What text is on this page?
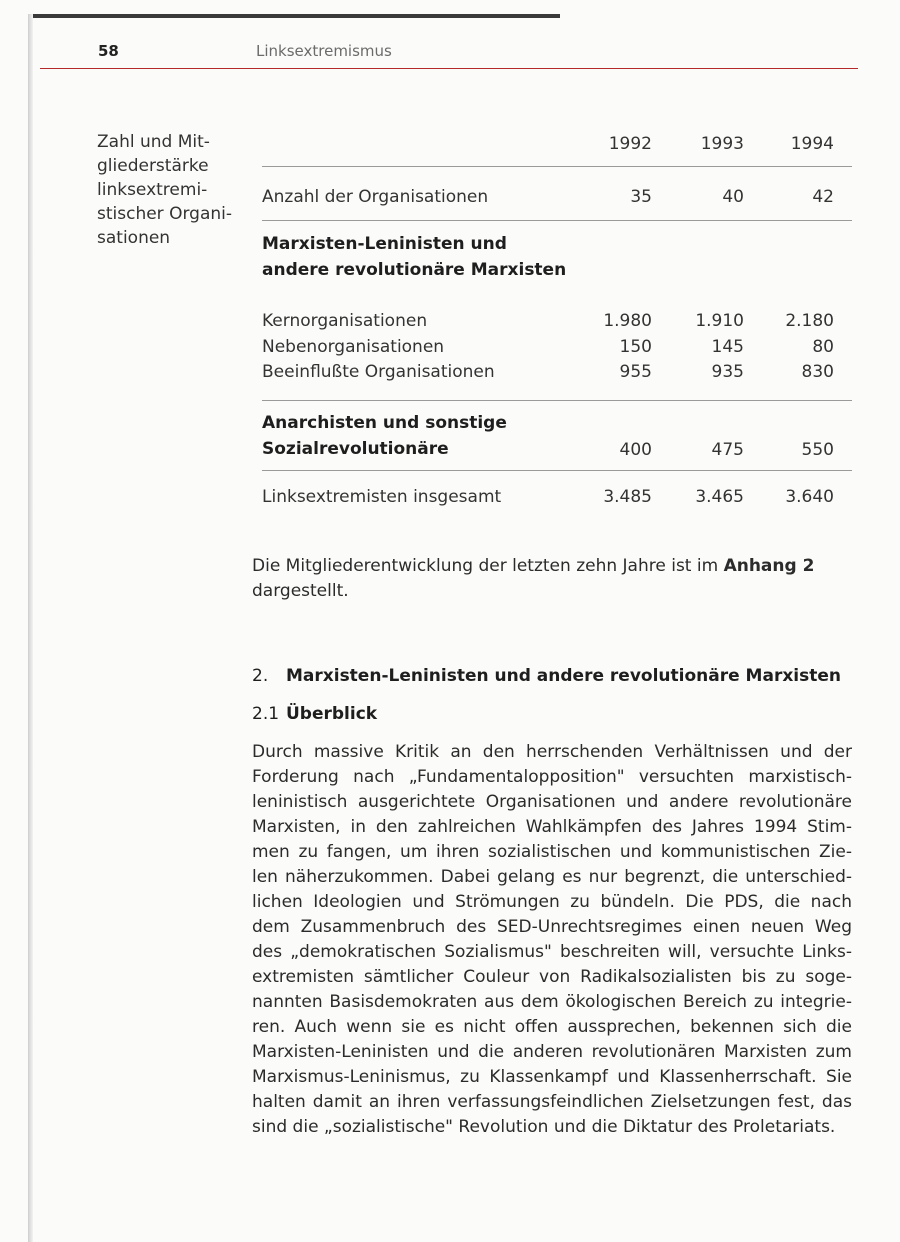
58	Linksextremismus
Zahl und Mit-
gliederstärke
linksextremi-
stischer Organi-
sationen
1992	1993	1994
Anzahl der Organisationen	35	40	42
Marxisten-Leninisten und
andere revolutionäre Marxisten
Kernorganisationen	1.980	1.910	2.180
Nebenorganisationen	150	145	80
Beeinflußte Organisationen	955	935	830
Anarchisten und sonstige
Sozialrevolutionäre	400	475	550
Linksextremisten insgesamt	3.485	3.465	3.640
Die Mitgliederentwicklung der letzten zehn Jahre ist im Anhang 2 dargestellt.
2. Marxisten-Leninisten und andere revolutionäre Marxisten
2.1 Überblick
Durch massive Kritik an den herrschenden Verhältnissen und der
Forderung nach „Fundamentalopposition" versuchten marxistisch-
leninistisch ausgerichtete Organisationen und andere revolutionäre
Marxisten, in den zahlreichen Wahlkämpfen des Jahres 1994 Stim-
men zu fangen, um ihren sozialistischen und kommunistischen Zie-
len näherzukommen. Dabei gelang es nur begrenzt, die unterschied-
lichen Ideologien und Strömungen zu bündeln. Die PDS, die nach
dem Zusammenbruch des SED-Unrechtsregimes einen neuen Weg
des „demokratischen Sozialismus" beschreiten will, versuchte Links-
extremisten sämtlicher Couleur von Radikalsozialisten bis zu soge-
nannten Basisdemokraten aus dem ökologischen Bereich zu integrie-
ren. Auch wenn sie es nicht offen aussprechen, bekennen sich die
Marxisten-Leninisten und die anderen revolutionären Marxisten zum
Marxismus-Leninismus, zu Klassenkampf und Klassenherrschaft. Sie
halten damit an ihren verfassungsfeindlichen Zielsetzungen fest, das
sind die „sozialistische" Revolution und die Diktatur des Proletariats.
